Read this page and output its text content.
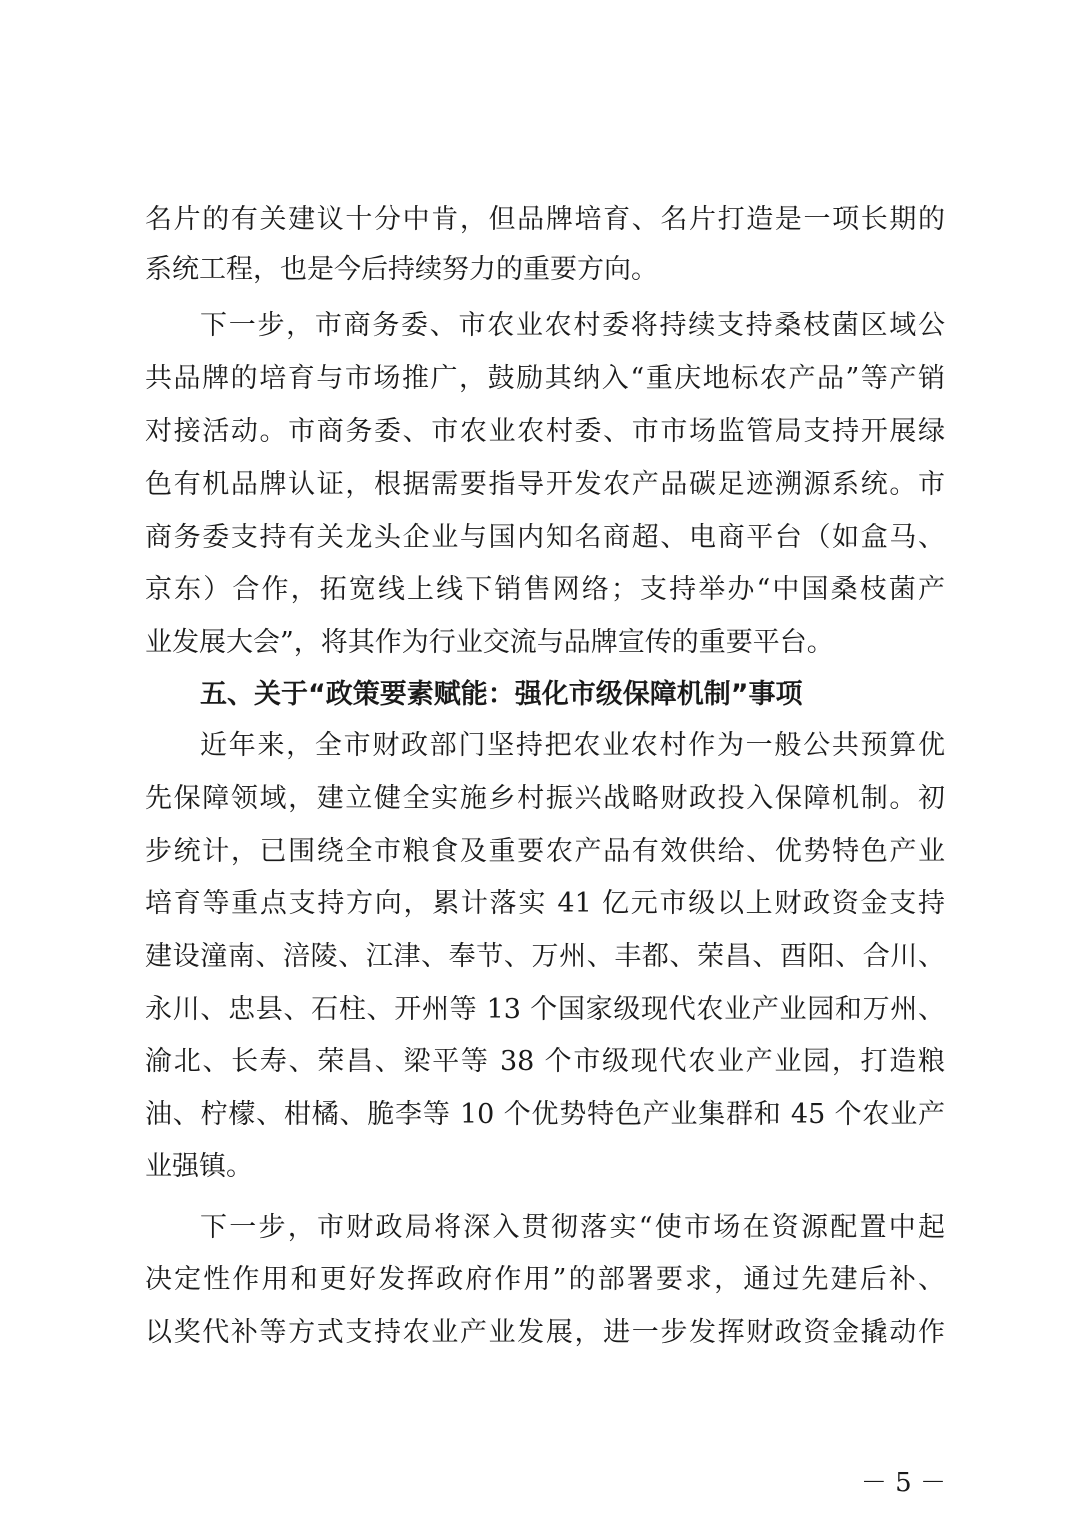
名片的有关建议十分中肯，但品牌培育、名片打造是一项长期的
系统工程，也是今后持续努力的重要方向。
下一步，市商务委、市农业农村委将持续支持桑枝菌区域公
共品牌的培育与市场推广，鼓励其纳入“重庆地标农产品”等产销
对接活动。市商务委、市农业农村委、市市场监管局支持开展绿
色有机品牌认证，根据需要指导开发农产品碳足迹溯源系统。市
商务委支持有关龙头企业与国内知名商超、电商平台（如盒马、
京东）合作，拓宽线上线下销售网络；支持举办“中国桑枝菌产
业发展大会”，将其作为行业交流与品牌宣传的重要平台。
五、关于“政策要素赋能：强化市级保障机制”事项
近年来，全市财政部门坚持把农业农村作为一般公共预算优
先保障领域，建立健全实施乡村振兴战略财政投入保障机制。初
步统计，已围绕全市粮食及重要农产品有效供给、优势特色产业
培育等重点支持方向，累计落实 41 亿元市级以上财政资金支持
建设潼南、涪陵、江津、奉节、万州、丰都、荣昌、酉阳、合川、
永川、忠县、石柱、开州等 13 个国家级现代农业产业园和万州、
渝北、长寿、荣昌、梁平等 38 个市级现代农业产业园，打造粮
油、柠檬、柑橘、脆李等 10 个优势特色产业集群和 45 个农业产
业强镇。
下一步，市财政局将深入贯彻落实“使市场在资源配置中起
决定性作用和更好发挥政府作用”的部署要求，通过先建后补、
以奖代补等方式支持农业产业发展，进一步发挥财政资金撬动作
－ 5 －
